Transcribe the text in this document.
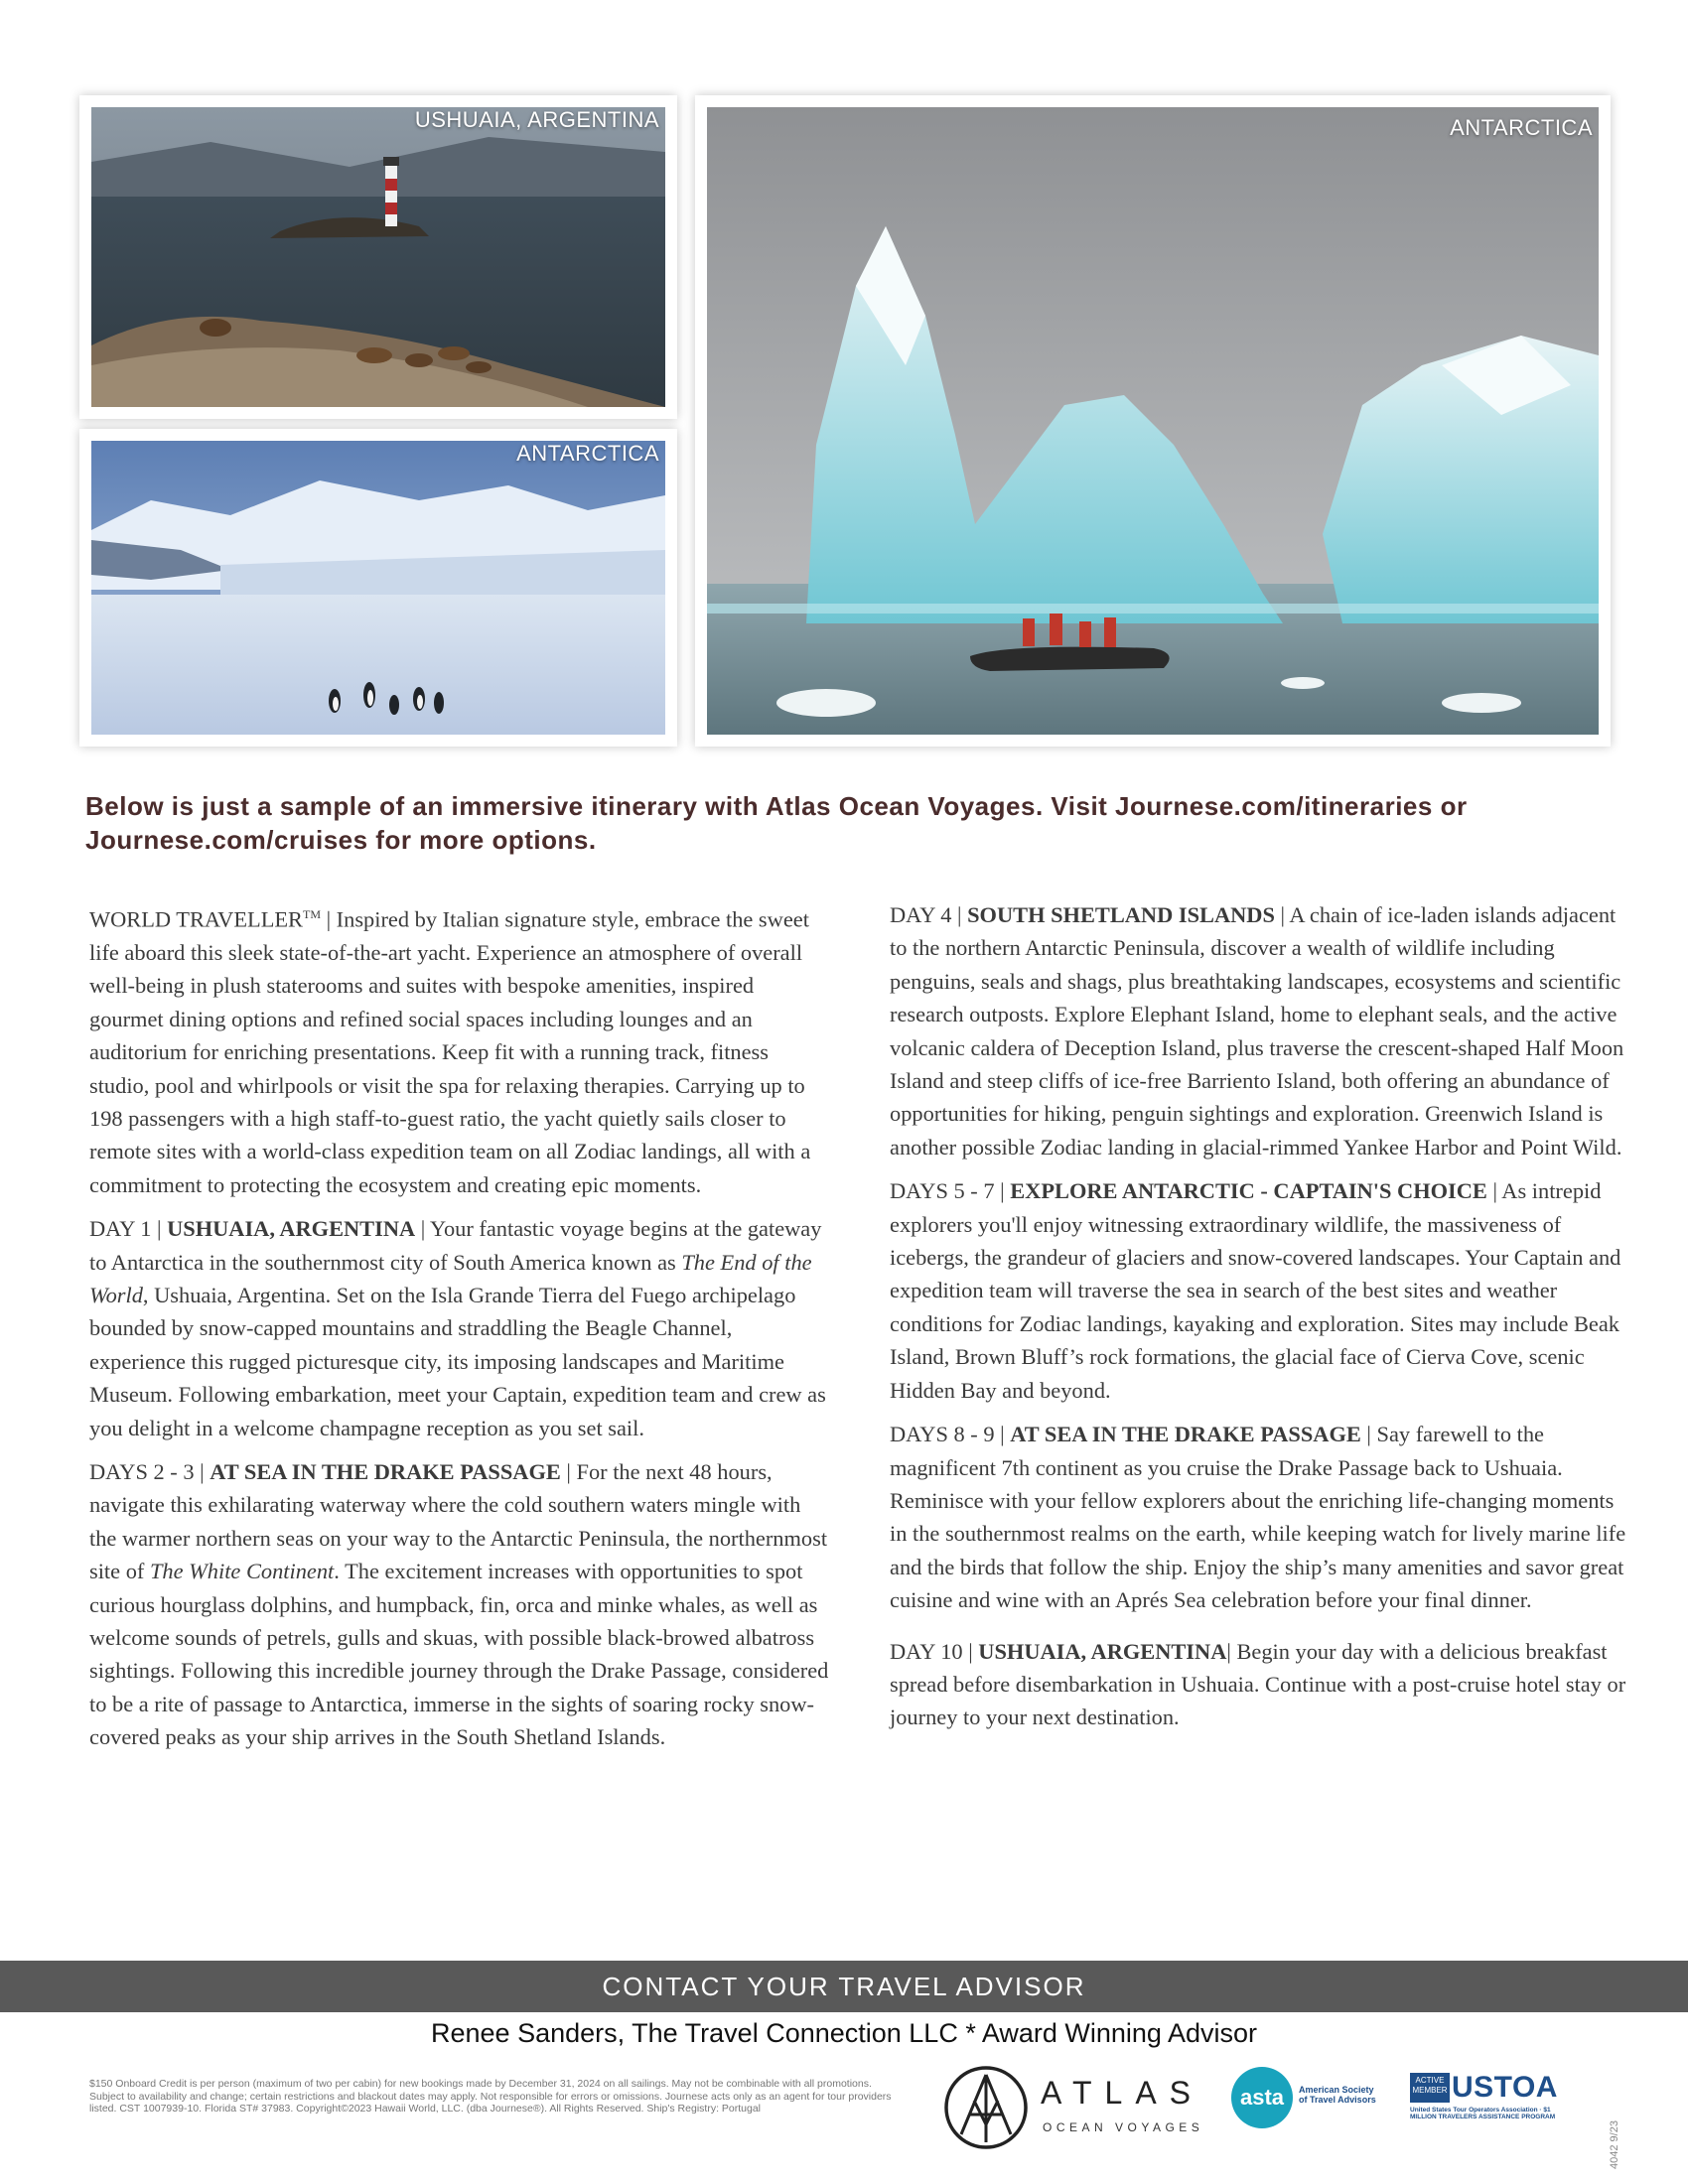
USHUAIA, ARGENTINA
ANTARCTICA
ANTARCTICA
Below is just a sample of an immersive itinerary with Atlas Ocean Voyages. Visit Journese.com/itineraries or Journese.com/cruises for more options.

WORLD TRAVELLER™ | Inspired by Italian signature style, embrace the sweet life aboard this sleek state-of-the-art yacht. Experience an atmosphere of overall well-being in plush staterooms and suites with bespoke amenities, inspired gourmet dining options and refined social spaces including lounges and an auditorium for enriching presentations. Keep fit with a running track, fitness studio, pool and whirlpools or visit the spa for relaxing therapies. Carrying up to 198 passengers with a high staff-to-guest ratio, the yacht quietly sails closer to remote sites with a world-class expedition team on all Zodiac landings, all with a commitment to protecting the ecosystem and creating epic moments.

DAY 1 | USHUAIA, ARGENTINA | Your fantastic voyage begins at the gateway to Antarctica in the southernmost city of South America known as The End of the World, Ushuaia, Argentina. Set on the Isla Grande Tierra del Fuego archipelago bounded by snow-capped mountains and straddling the Beagle Channel, experience this rugged picturesque city, its imposing landscapes and Maritime Museum. Following embarkation, meet your Captain, expedition team and crew as you delight in a welcome champagne reception as you set sail.

DAYS 2 - 3 | AT SEA IN THE DRAKE PASSAGE | For the next 48 hours, navigate this exhilarating waterway where the cold southern waters mingle with the warmer northern seas on your way to the Antarctic Peninsula, the northernmost site of The White Continent. The excitement increases with opportunities to spot curious hourglass dolphins, and humpback, fin, orca and minke whales, as well as welcome sounds of petrels, gulls and skuas, with possible black-browed albatross sightings. Following this incredible journey through the Drake Passage, considered to be a rite of passage to Antarctica, immerse in the sights of soaring rocky snow-covered peaks as your ship arrives in the South Shetland Islands.

DAY 4 | SOUTH SHETLAND ISLANDS | A chain of ice-laden islands adjacent to the northern Antarctic Peninsula, discover a wealth of wildlife including penguins, seals and shags, plus breathtaking landscapes, ecosystems and scientific research outposts. Explore Elephant Island, home to elephant seals, and the active volcanic caldera of Deception Island, plus traverse the crescent-shaped Half Moon Island and steep cliffs of ice-free Barriento Island, both offering an abundance of opportunities for hiking, penguin sightings and exploration. Greenwich Island is another possible Zodiac landing in glacial-rimmed Yankee Harbor and Point Wild.

DAYS 5 - 7 | EXPLORE ANTARCTIC - CAPTAIN'S CHOICE | As intrepid explorers you'll enjoy witnessing extraordinary wildlife, the massiveness of icebergs, the grandeur of glaciers and snow-covered landscapes. Your Captain and expedition team will traverse the sea in search of the best sites and weather conditions for Zodiac landings, kayaking and exploration. Sites may include Beak Island, Brown Bluff’s rock formations, the glacial face of Cierva Cove, scenic Hidden Bay and beyond.

DAYS 8 - 9 | AT SEA IN THE DRAKE PASSAGE | Say farewell to the magnificent 7th continent as you cruise the Drake Passage back to Ushuaia. Reminisce with your fellow explorers about the enriching life-changing moments in the southernmost realms on the earth, while keeping watch for lively marine life and the birds that follow the ship. Enjoy the ship’s many amenities and savor great cuisine and wine with an Aprés Sea celebration before your final dinner.

DAY 10 | USHUAIA, ARGENTINA| Begin your day with a delicious breakfast spread before disembarkation in Ushuaia. Continue with a post-cruise hotel stay or journey to your next destination.

CONTACT YOUR TRAVEL ADVISOR
Renee Sanders, The Travel Connection LLC * Award Winning Advisor
$150 Onboard Credit is per person (maximum of two per cabin) for new bookings made by December 31, 2024 on all sailings. May not be combinable with all promotions. Subject to availability and change; certain restrictions and blackout dates may apply. Not responsible for errors or omissions. Journese acts only as an agent for tour providers listed. CST 1007939-10. Florida ST# 37983. Copyright©2023 Hawaii World, LLC. (dba Journese®). All Rights Reserved. Ship's Registry: Portugal	ATLAS
OCEAN VOYAGES
asta	American Society of Travel Advisors
ACTIVE MEMBER USTOA
United States Tour Operators Association · $1 MILLION TRAVELERS ASSISTANCE PROGRAM
4042 9/23
